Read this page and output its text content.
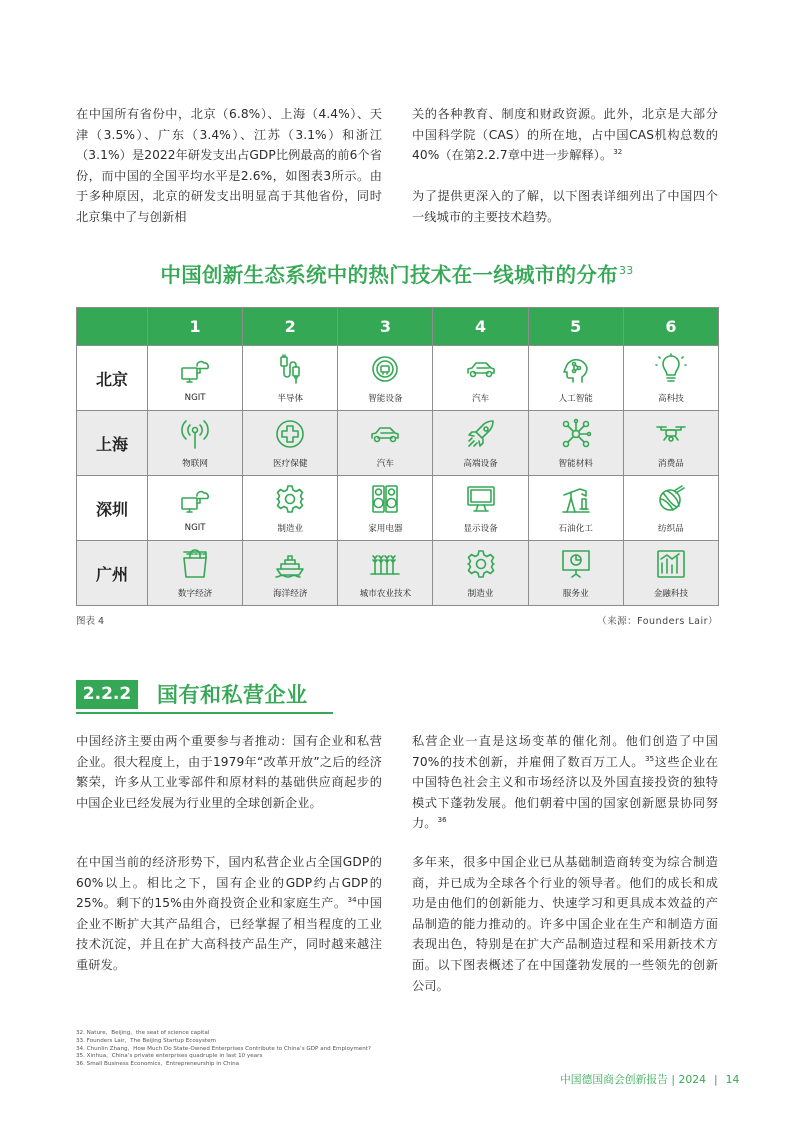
在中国所有省份中，北京（6.8%）、上海（4.4%）、天津（3.5%）、广东（3.4%）、江苏（3.1%）和浙江（3.1%）是2022年研发支出占GDP比例最高的前6个省份，而中国的全国平均水平是2.6%，如图表3所示。由于多种原因，北京的研发支出明显高于其他省份，同时北京集中了与创新相

关的各种教育、制度和财政资源。此外，北京是大部分中国科学院（CAS）的所在地，占中国CAS机构总数的40%（在第2.2.7章中进一步解释）。$^{32}$

为了提供更深入的了解，以下图表详细列出了中国四个一线城市的主要技术趋势。

中国创新生态系统中的热门技术在一线城市的分布$^{33}$
	1	2	3	4	5	6
北京	NGIT	半导体	智能设备	汽车	人工智能	高科技

上海	物联网	医疗保健	汽车	高端设备	智能材料	消费品

深圳	NGIT	制造业	家用电器	显示设备	石油化工	纺织品

广州	数字经济	海洋经济	城市农业技术	制造业	服务业	金融科技
图表 4	（来源：Founders Lair）
2.2.2	国有和私营企业

中国经济主要由两个重要参与者推动：国有企业和私营企业。很大程度上，由于1979年“改革开放”之后的经济繁荣，许多从工业零部件和原材料的基础供应商起步的中国企业已经发展为行业里的全球创新企业。

在中国当前的经济形势下，国内私营企业占全国GDP的60%以上。相比之下，国有企业的GDP约占GDP的25%。剩下的15%由外商投资企业和家庭生产。$^{34}$中国企业不断扩大其产品组合，已经掌握了相当程度的工业技术沉淀，并且在扩大高科技产品生产，同时越来越注重研发。

私营企业一直是这场变革的催化剂。他们创造了中国70%的技术创新，并雇佣了数百万工人。$^{35}$这些企业在中国特色社会主义和市场经济以及外国直接投资的独特模式下蓬勃发展。他们朝着中国的国家创新愿景协同努力。$^{36}$

多年来，很多中国企业已从基础制造商转变为综合制造商，并已成为全球各个行业的领导者。他们的成长和成功是由他们的创新能力、快速学习和更具成本效益的产品制造的能力推动的。许多中国企业在生产和制造方面表现出色，特别是在扩大产品制造过程和采用新技术方面。以下图表概述了在中国蓬勃发展的一些领先的创新公司。

32. Nature，Beijing，the seat of science capital
33. Founders Lair，The Beijing Startup Ecosystem
34. Chunlin Zhang，How Much Do State-Owned Enterprises Contribute to China’s GDP and Employment?
35. Xinhua，China’s private enterprises quadruple in last 10 years
36. Small Business Economics，Entrepreneurship in China
中国德国商会创新报告 | 2024 | 14
